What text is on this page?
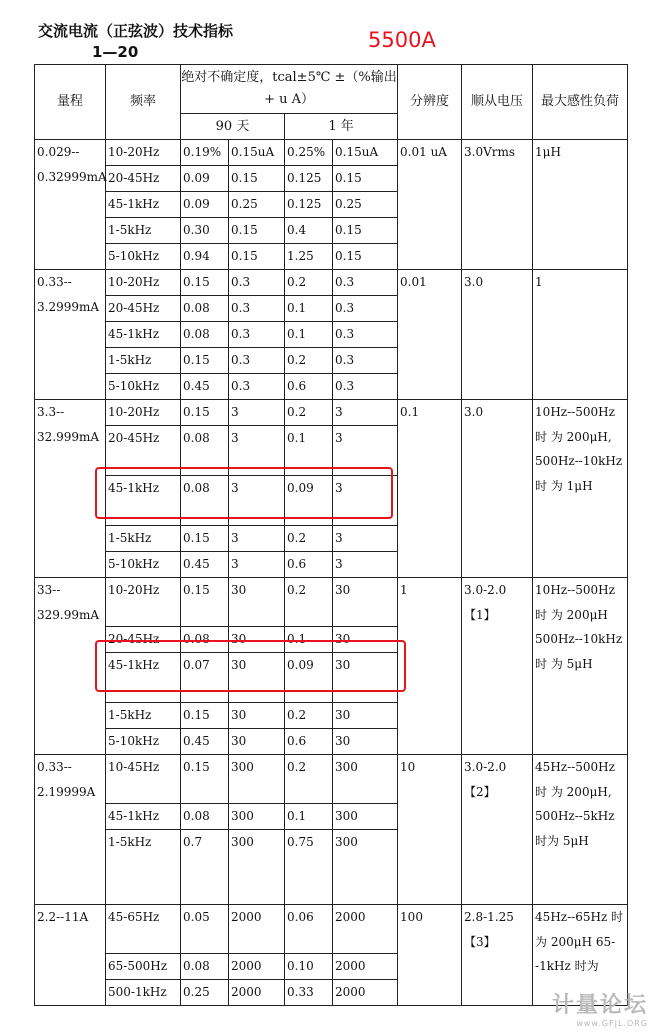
交流电流（正弦波）技术指标
1—20	5500A
量程	频率	绝对不确定度，tcal±5℃ ±（%输出+ u A）				分辨度	顺从电压	最大感性负荷
		90 天		1 年				
0.029-- 0.32999mA	10-20Hz	0.19%	0.15uA	0.25%	0.15uA	0.01 uA	3.0Vrms	1μH
	20-45Hz	0.09	0.15	0.125	0.15			
	45-1kHz	0.09	0.25	0.125	0.25			
	1-5kHz	0.30	0.15	0.4	0.15			
	5-10kHz	0.94	0.15	1.25	0.15			
0.33-- 3.2999mA	10-20Hz	0.15	0.3	0.2	0.3	0.01	3.0	1
	20-45Hz	0.08	0.3	0.1	0.3			
	45-1kHz	0.08	0.3	0.1	0.3			
	1-5kHz	0.15	0.3	0.2	0.3			
	5-10kHz	0.45	0.3	0.6	0.3			
3.3-- 32.999mA	10-20Hz	0.15	3	0.2	3	0.1	3.0	10Hz--500Hz 时 为 200μH, 500Hz--10kHz 时 为 1μH
	20-45Hz	0.08	3	0.1	3			
	45-1kHz	0.08	3	0.09	3			
	1-5kHz	0.15	3	0.2	3			
	5-10kHz	0.45	3	0.6	3			
33-- 329.99mA	10-20Hz	0.15	30	0.2	30	1	3.0-2.0 【1】	10Hz--500Hz 时 为 200μH 500Hz--10kHz 时 为 5μH
	20-45Hz	0.08	30	0.1	30			
	45-1kHz	0.07	30	0.09	30			
	1-5kHz	0.15	30	0.2	30			
	5-10kHz	0.45	30	0.6	30			
0.33-- 2.19999A	10-45Hz	0.15	300	0.2	300	10	3.0-2.0 【2】	45Hz--500Hz 时 为 200μH, 500Hz--5kHz 时为 5μH
	45-1kHz	0.08	300	0.1	300			
	1-5kHz	0.7	300	0.75	300			
2.2--11A	45-65Hz	0.05	2000	0.06	2000	100	2.8-1.25 【3】	45Hz--65Hz 时 为 200μH 65--1kHz 时为
	65-500Hz	0.08	2000	0.10	2000			
	500-1kHz	0.25	2000	0.33	2000			
计量论坛
www.GFJL.ORG
